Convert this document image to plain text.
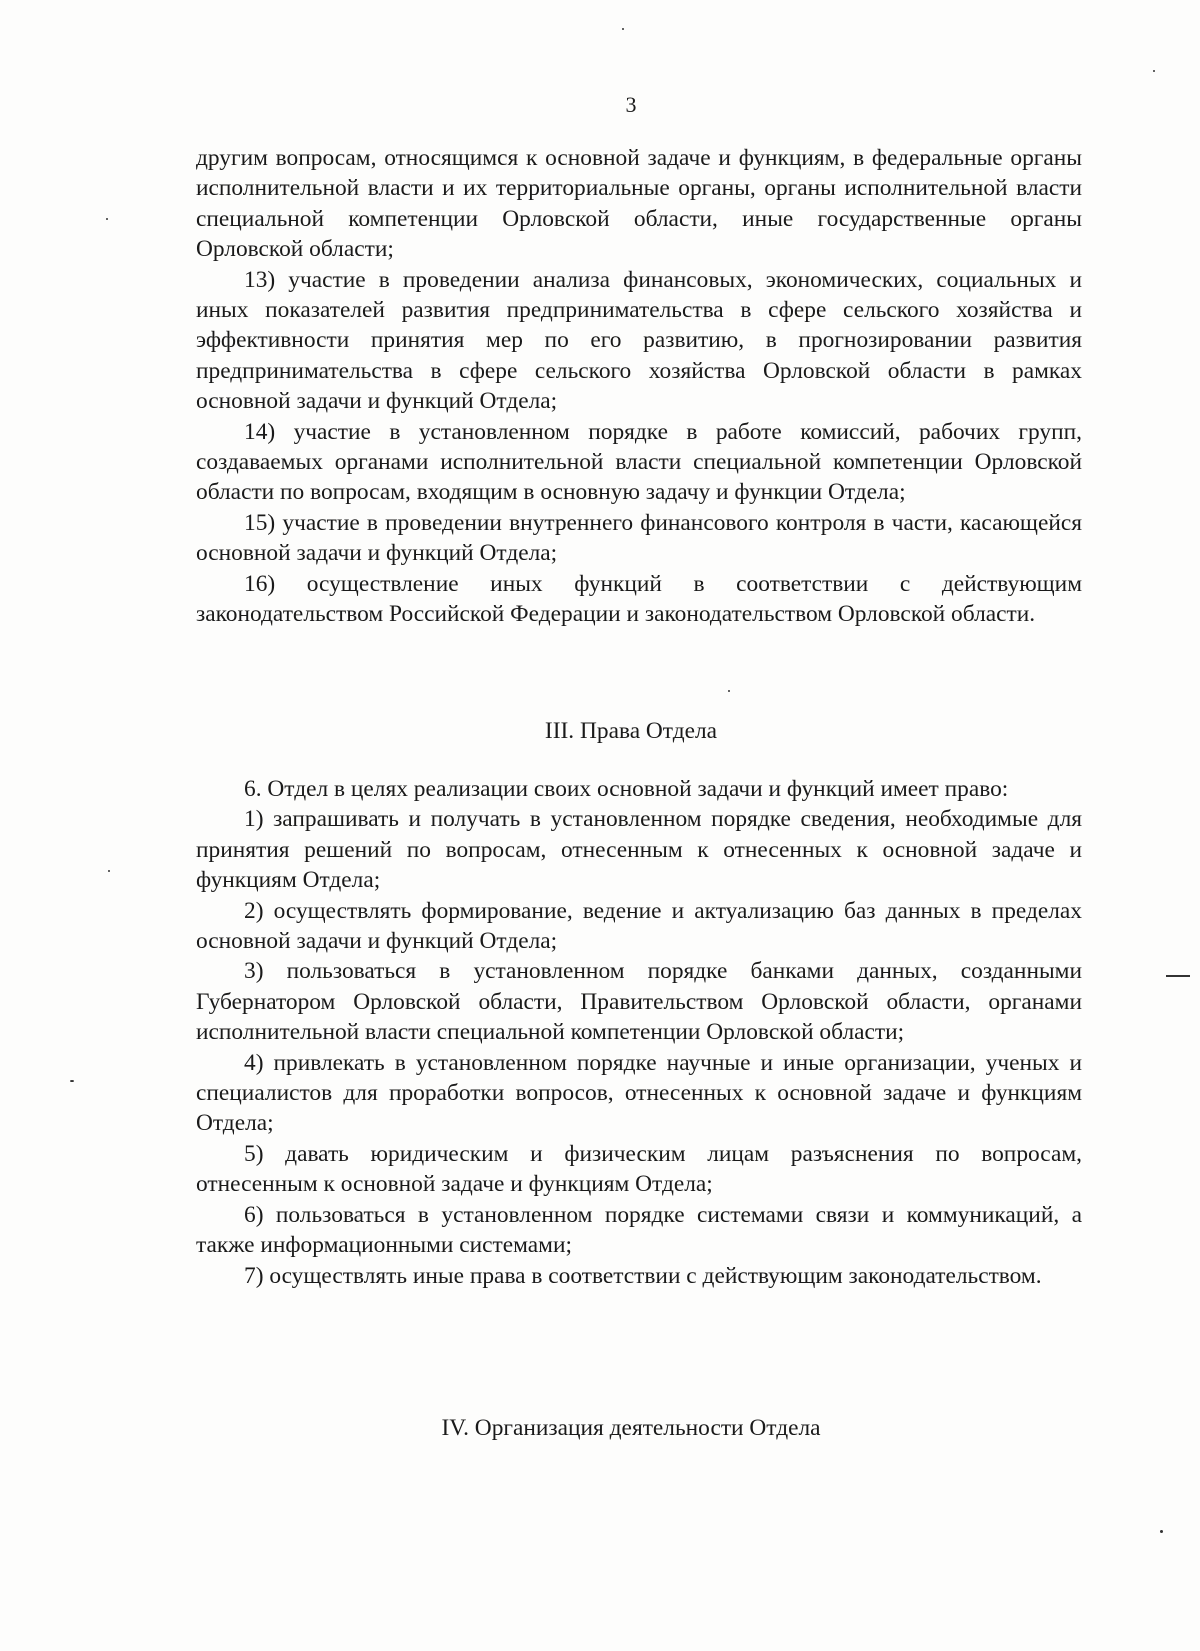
3

другим вопросам, относящимся к основной задаче и функциям, в федеральные органы исполнительной власти и их территориальные органы, органы исполнительной власти специальной компетенции Орловской области, иные государственные органы Орловской области;

13) участие в проведении анализа финансовых, экономических, социальных и иных показателей развития предпринимательства в сфере сельского хозяйства и эффективности принятия мер по его развитию, в прогнозировании развития предпринимательства в сфере сельского хозяйства Орловской области в рамках основной задачи и функций Отдела;

14) участие в установленном порядке в работе комиссий, рабочих групп, создаваемых органами исполнительной власти специальной компетенции Орловской области по вопросам, входящим в основную задачу и функции Отдела;

15) участие в проведении внутреннего финансового контроля в части, касающейся основной задачи и функций Отдела;

16) осуществление иных функций в соответствии с действующим законодательством Российской Федерации и законодательством Орловской области.

III. Права Отдела

6. Отдел в целях реализации своих основной задачи и функций имеет право:

1) запрашивать и получать в установленном порядке сведения, необходимые для принятия решений по вопросам, отнесенным к отнесенных к основной задаче и функциям Отдела;

2) осуществлять формирование, ведение и актуализацию баз данных в пределах основной задачи и функций Отдела;

3) пользоваться в установленном порядке банками данных, созданными Губернатором Орловской области, Правительством Орловской области, органами исполнительной власти специальной компетенции Орловской области;

4) привлекать в установленном порядке научные и иные организации, ученых и специалистов для проработки вопросов, отнесенных к основной задаче и функциям Отдела;

5) давать юридическим и физическим лицам разъяснения по вопросам, отнесенным к основной задаче и функциям Отдела;

6) пользоваться в установленном порядке системами связи и коммуникаций, а также информационными системами;

7) осуществлять иные права в соответствии с действующим законодательством.

IV. Организация деятельности Отдела
